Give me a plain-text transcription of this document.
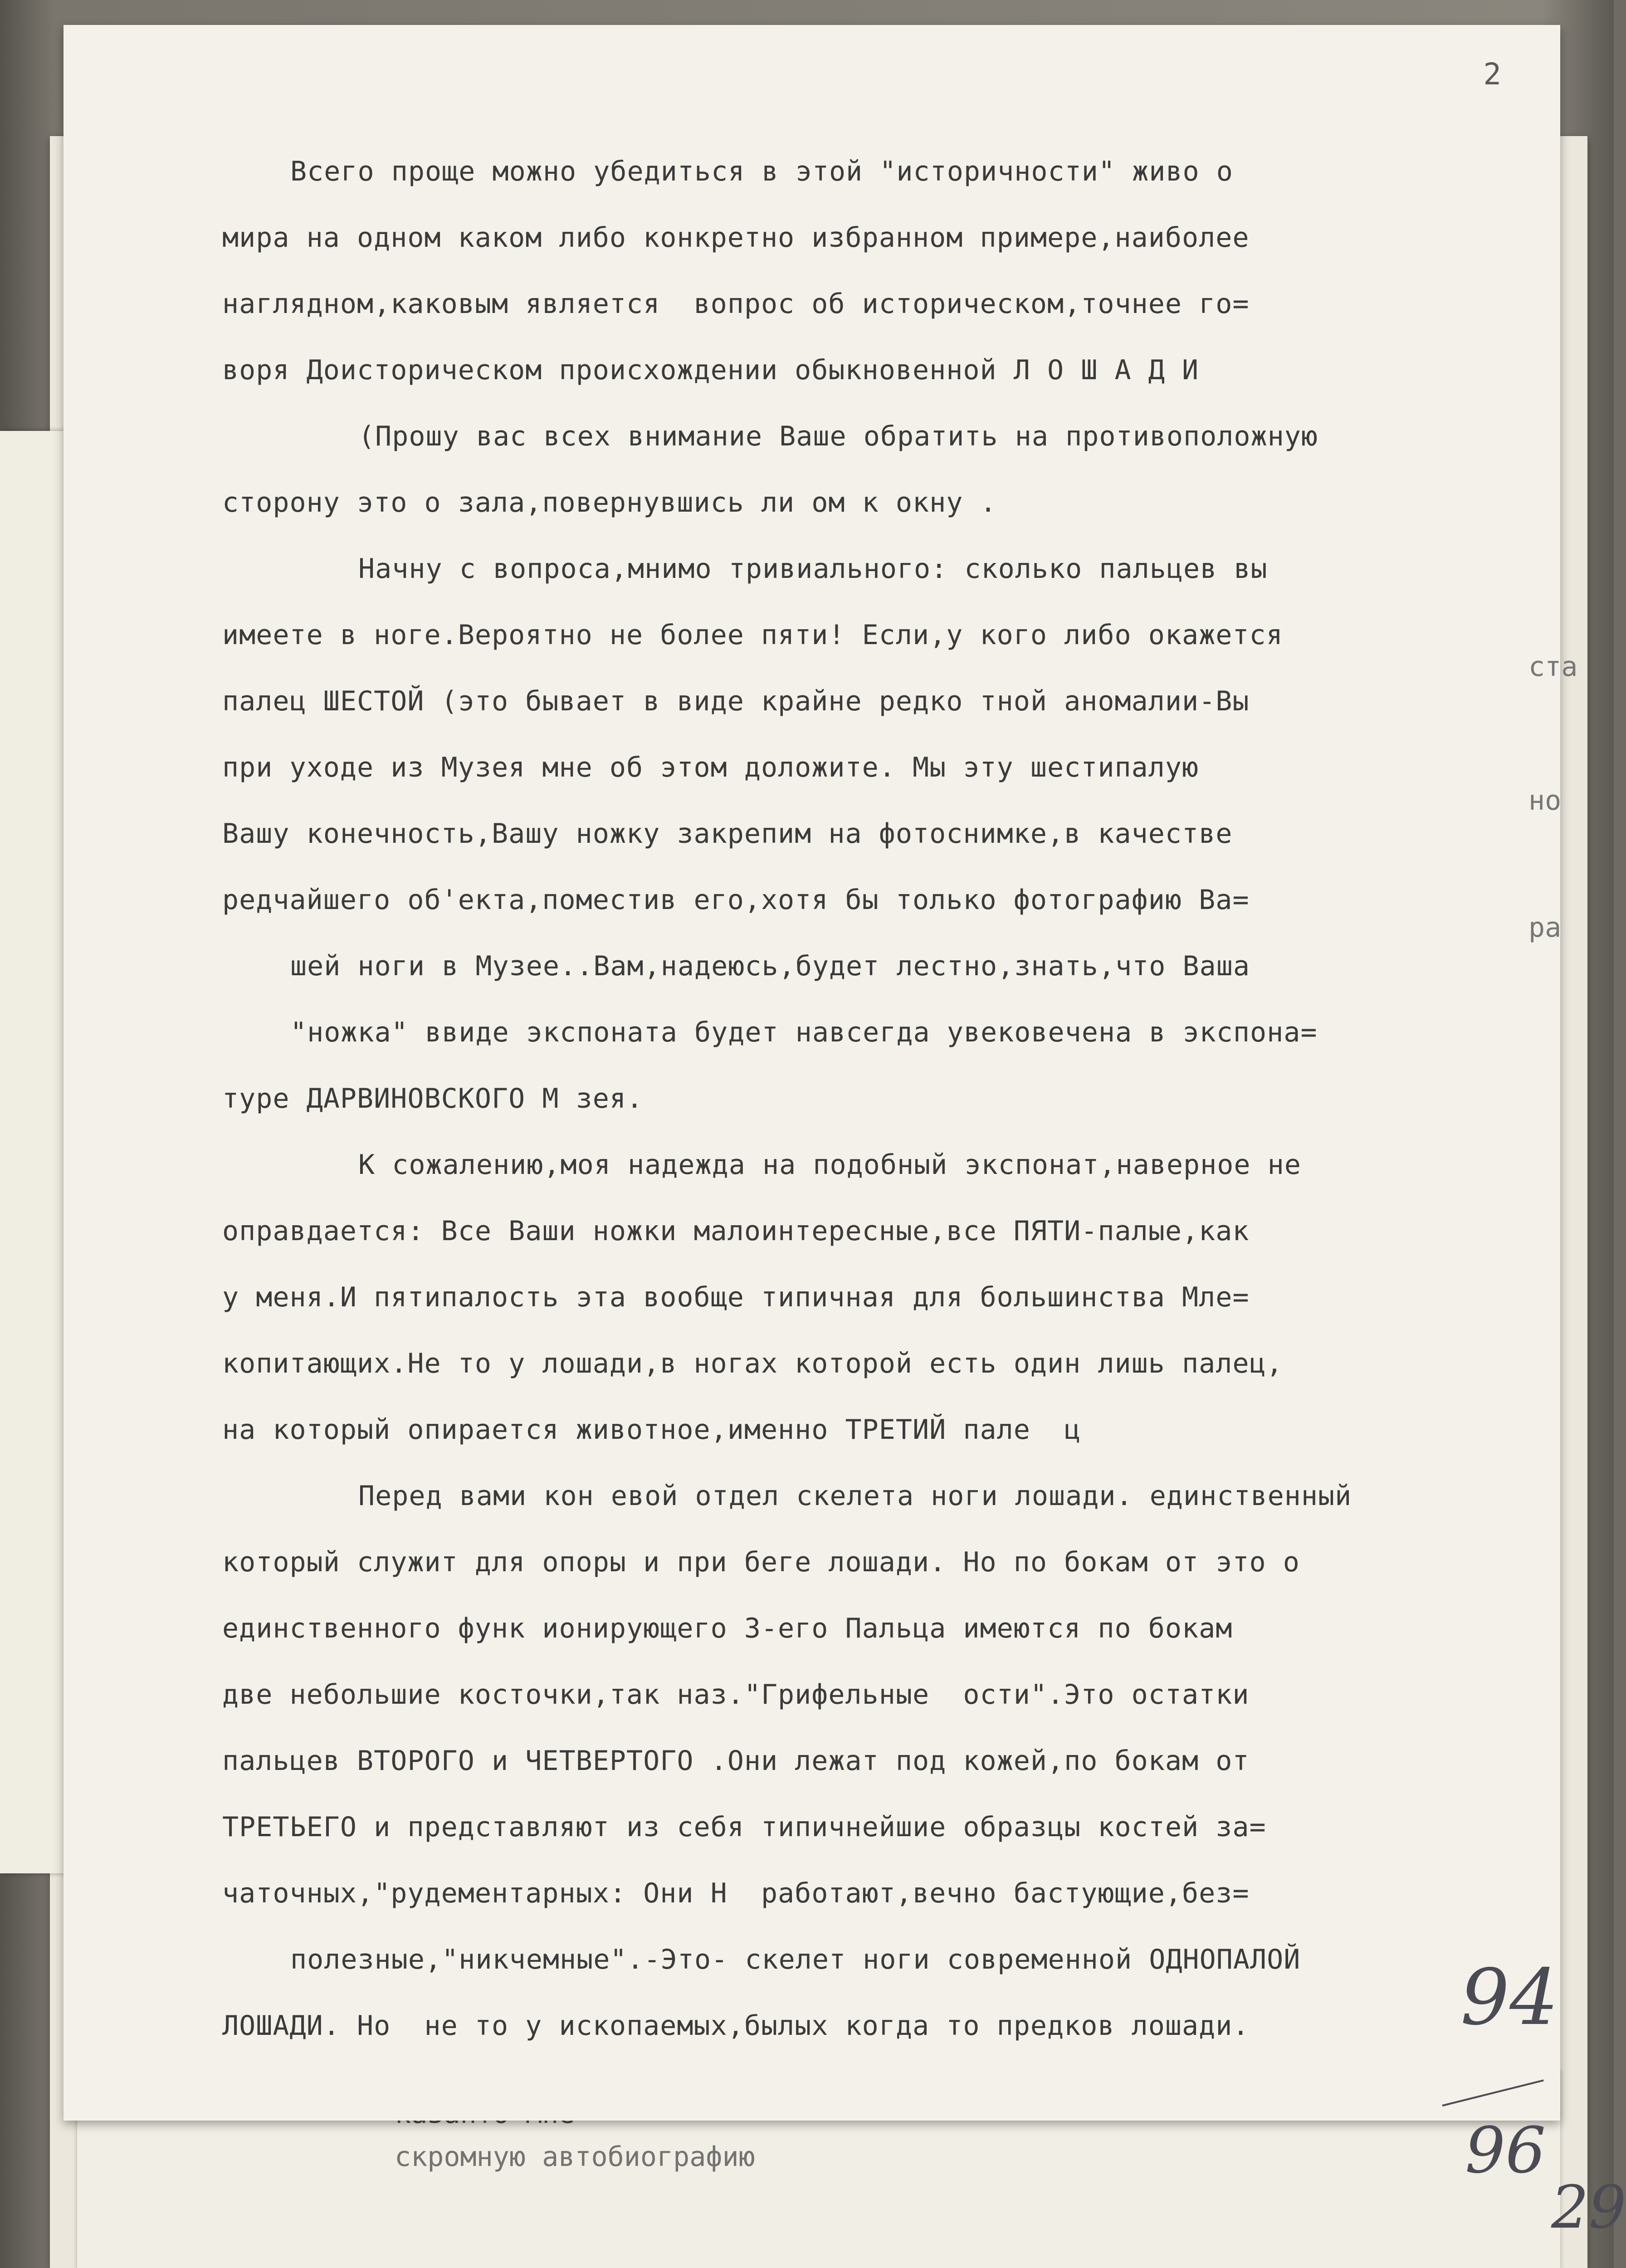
скромную автобиографию
2
Всего проще можно убедиться в этой "историчности" живо о
мира на одном каком либо конкретно избранном примере,наиболее
наглядном,каковым является  вопрос об историческом,точнее го=
воря Доисторическом происхождении обыкновенной Л О Ш А Д И
(Прошу вас всех внимание Ваше обратить на противоположную
сторону это о зала,повернувшись ли ом к окну .
Начну с вопроса,мнимо тривиального: сколько пальцев вы
имеете в ноге.Вероятно не более пяти! Если,у кого либо окажется
палец ШЕСТОЙ (это бывает в виде крайне редко тной аномалии-Вы
при уходе из Музея мне об этом доложите. Мы эту шестипалую
Вашу конечность,Вашу ножку закрепим на фотоснимке,в качестве
редчайшего об'екта,поместив его,хотя бы только фотографию Ва=
шей ноги в Музее..Вам,надеюсь,будет лестно,знать,что Ваша
"ножка" ввиде экспоната будет навсегда увековечена в экспона=
туре ДАРВИНОВСКОГО М зея.
К сожалению,моя надежда на подобный экспонат,наверное не
оправдается: Все Ваши ножки малоинтересные,все ПЯТИ-палые,как
у меня.И пятипалость эта вообще типичная для большинства Мле=
копитающих.Не то у лошади,в ногах которой есть один лишь палец,
на который опирается животное,именно ТРЕТИЙ пале  ц
Перед вами кон евой отдел скелета ноги лошади. единственный
который служит для опоры и при беге лошади. Но по бокам от это о
единственного функ ионирующего 3-его Пальца имеются по бокам
две небольшие косточки,так наз."Грифельные  ости".Это остатки
пальцев ВТОРОГО и ЧЕТВЕРТОГО .Они лежат под кожей,по бокам от
ТРЕТЬЕГО и представляют из себя типичнейшие образцы костей за=
чаточных,"рудементарных: Они Н  работают,вечно бастующие,без=
полезные,"никчемные".-Это- скелет ноги современной ОДНОПАЛОЙ
ЛОШАДИ. Но  не то у ископаемых,былых когда то предков лошади.
ста
но
ра
94
96
29
